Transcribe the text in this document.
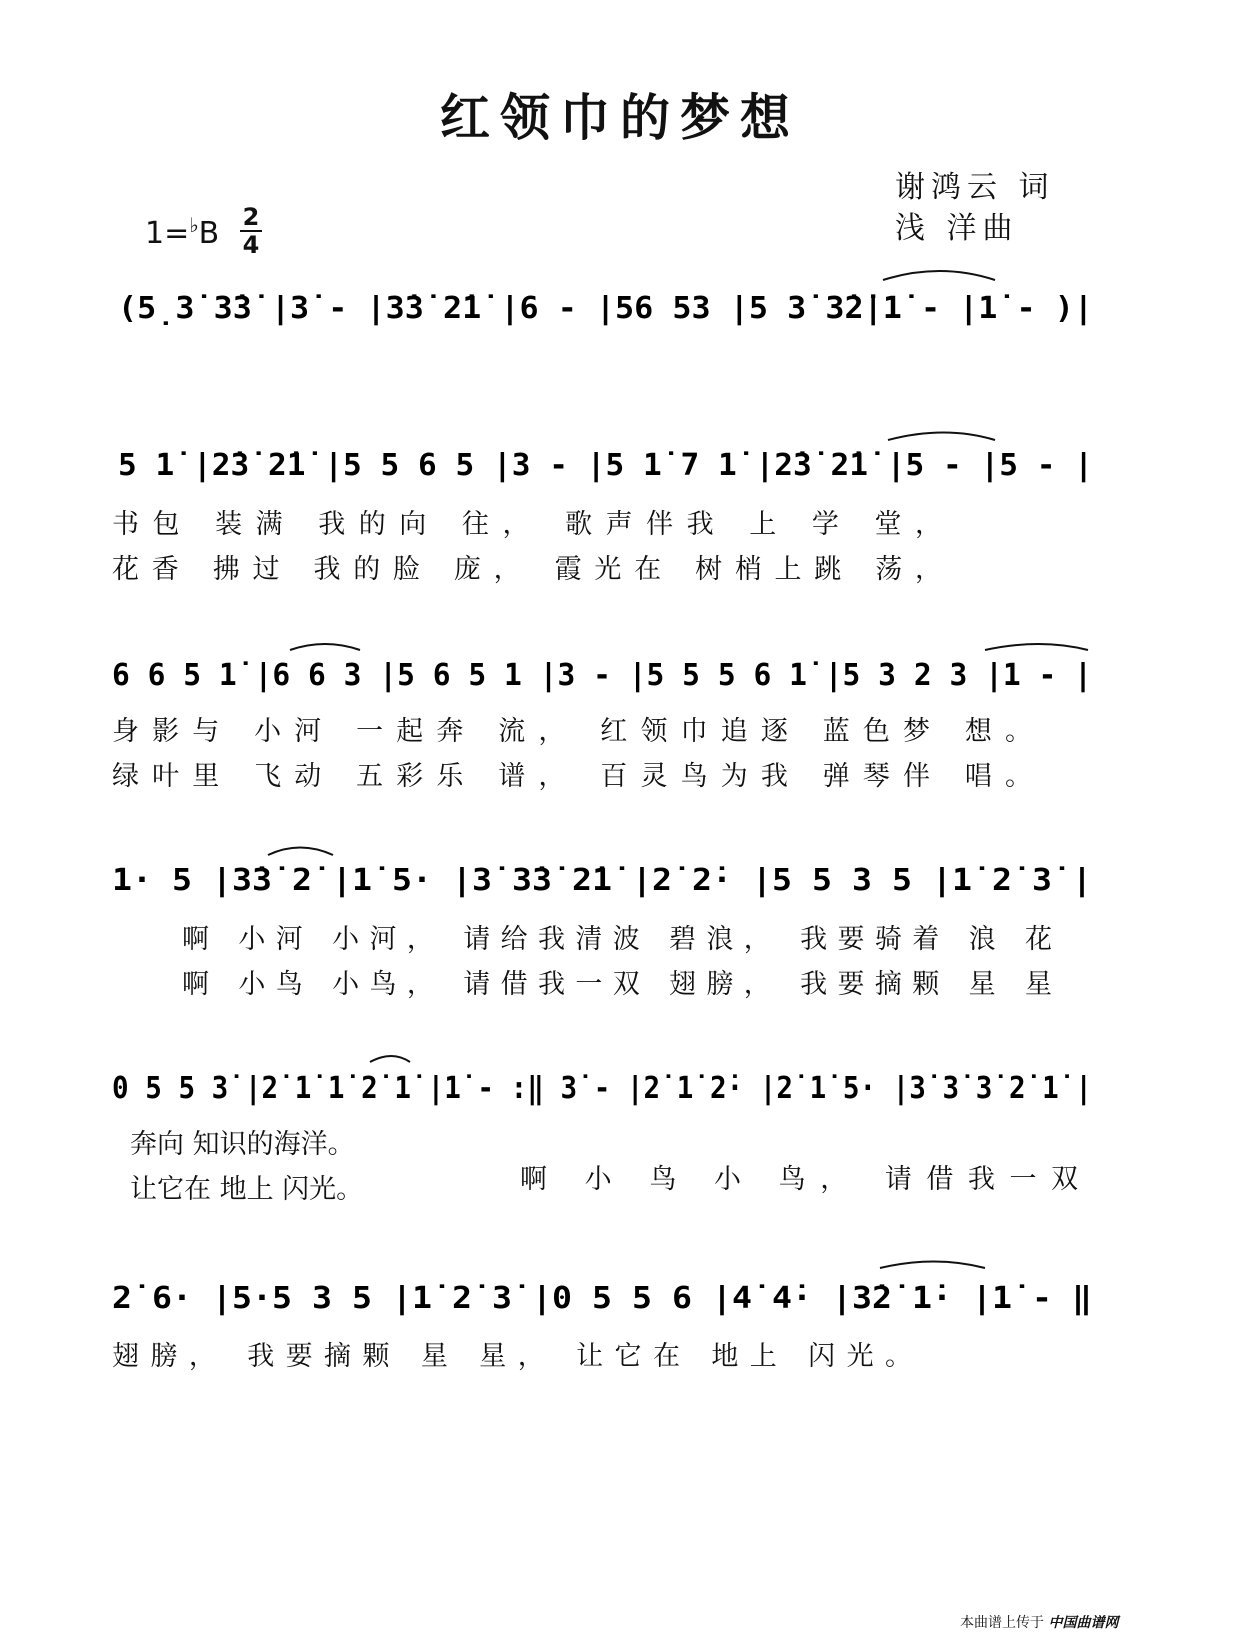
红领巾的梦想
谢鸿云 词
浅 洋曲
1=♭B 2
4
(5̣3̇ 3̇3̇ |3̇ - |3̇3̇ 2̇1̇ |6 - |56 53 |5 3̇ 3̇2̇|1̇ - |1̇ - )|
5 1̇ |2̇3̇ 2̇1̇ |5 5 6 5 |3 - |5 1̇ 7 1̇ |2̇3̇ 2̇1̇ |5 - |5 - |
书包 装满 我的向 往， 歌声伴我 上 学 堂，
花香 拂过 我的脸 庞， 霞光在 树梢上跳 荡，
6 6 5 1̇ |6 6 3 |5 6 5 1 |3 - |5 5 5 6 1̇ |5 3 2 3 |1 - |
身影与 小河 一起奔 流， 红领巾追逐 蓝色梦 想。
绿叶里 飞动 五彩乐 谱， 百灵鸟为我 弹琴伴 唱。
1· 5 |3̇3̇ 2̇ |1̇ 5· |3̇ 3̇3̇ 2̇1̇ |2̇ 2̇· |5 5 3 5 |1̇ 2̇ 3̇ |
啊 小河 小河， 请给我清波 碧浪， 我要骑着 浪 花
啊 小鸟 小鸟， 请借我一双 翅膀， 我要摘颗 星 星
0 5 5 3̇ |2̇ 1̇ 1̇ 2̇ 1̇ |1̇ - :‖ 3̇ - |2̇ 1̇ 2̇· |2̇ 1̇ 5· |3̇ 3̇ 3̇ 2̇ 1̇ |
奔向 知识的海洋。
让它在 地上 闪光。	啊 小 鸟 小 鸟， 请借我一双
2̇ 6· |5·5 3 5 |1̇ 2̇ 3̇ |0 5 5 6 |4̇ 4̇· |3̇2̇ 1̇· |1̇ - ‖
翅膀， 我要摘颗 星 星， 让它在 地上 闪光。
本曲谱上传于 中国曲谱网
